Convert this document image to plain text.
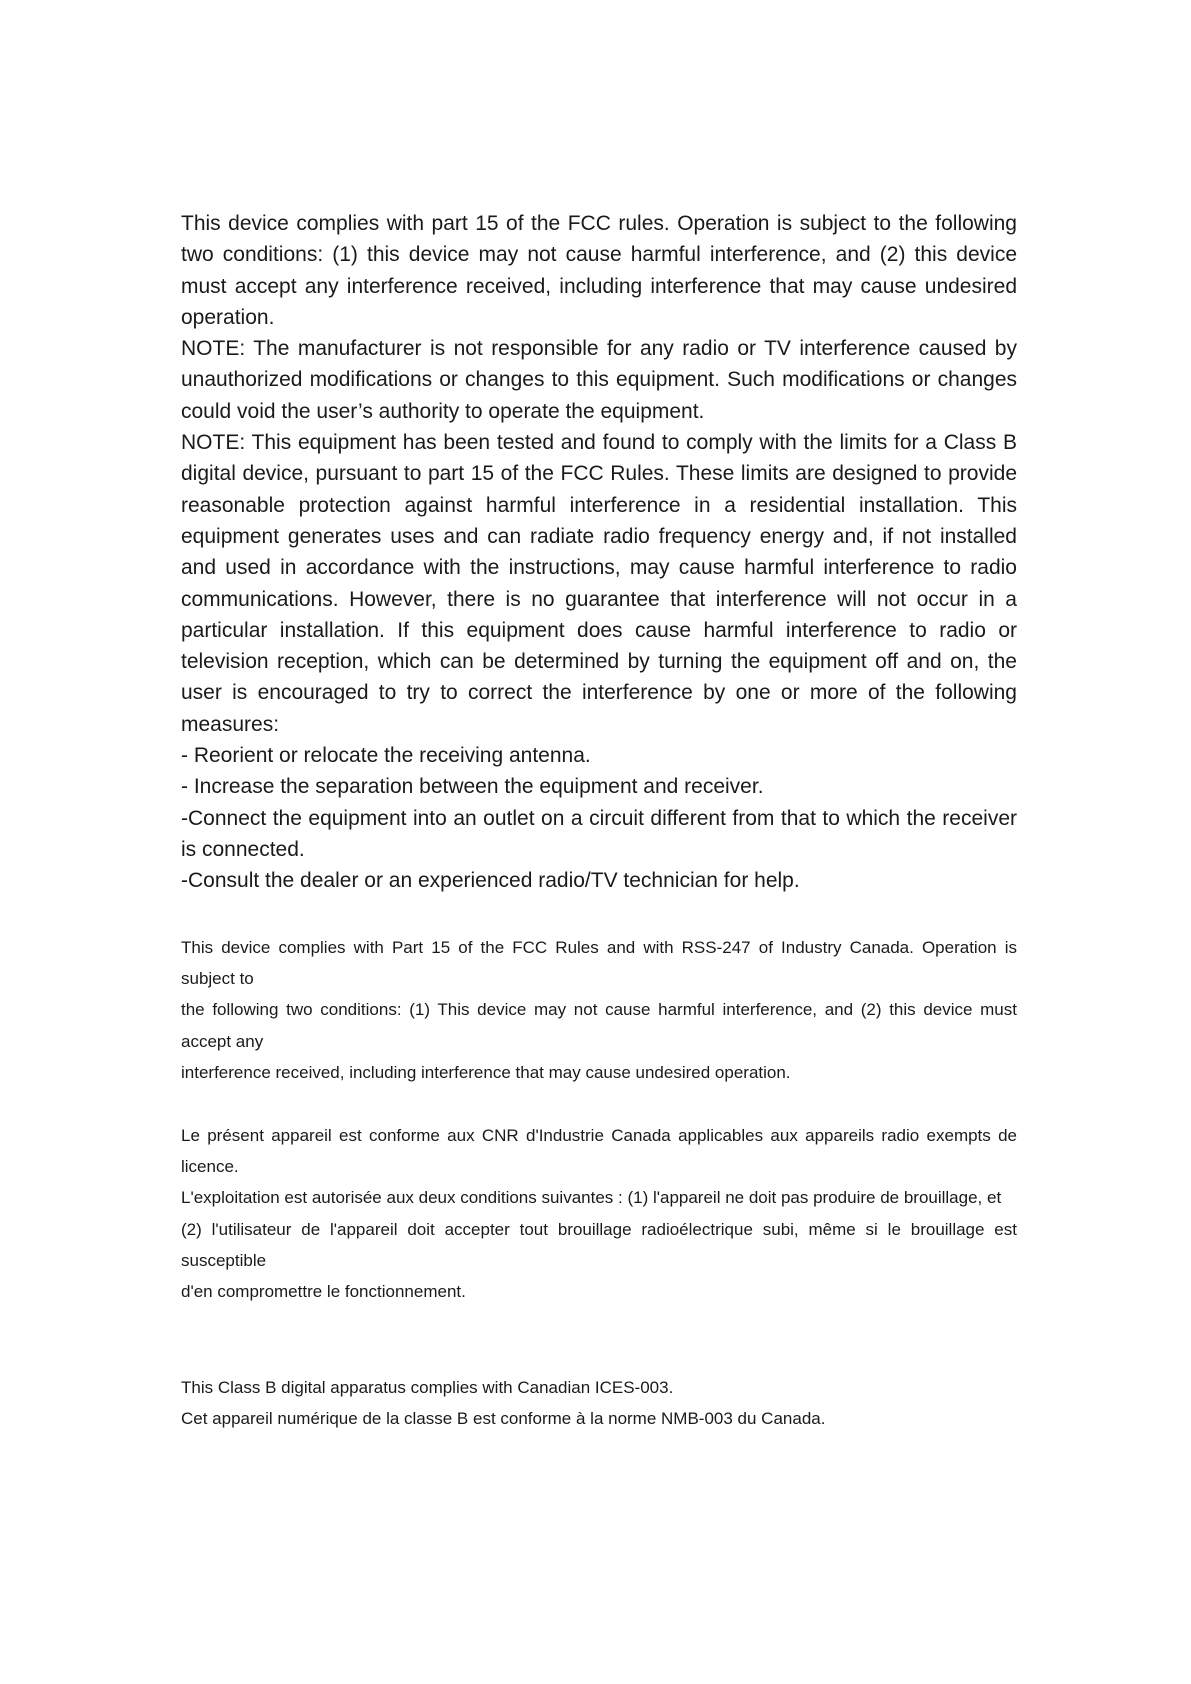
This device complies with part 15 of the FCC rules. Operation is subject to the following two conditions: (1) this device may not cause harmful interference, and (2) this device must accept any interference received, including interference that may cause undesired operation.

NOTE: The manufacturer is not responsible for any radio or TV interference caused by unauthorized modifications or changes to this equipment. Such modifications or changes could void the user’s authority to operate the equipment.

NOTE: This equipment has been tested and found to comply with the limits for a Class B digital device, pursuant to part 15 of the FCC Rules. These limits are designed to provide reasonable protection against harmful interference in a residential installation. This equipment generates uses and can radiate radio frequency energy and, if not installed and used in accordance with the instructions, may cause harmful interference to radio communications. However, there is no guarantee that interference will not occur in a particular installation. If this equipment does cause harmful interference to radio or television reception, which can be determined by turning the equipment off and on, the user is encouraged to try to correct the interference by one or more of the following measures:

- Reorient or relocate the receiving antenna.

- Increase the separation between the equipment and receiver.

-Connect the equipment into an outlet on a circuit different from that to which the receiver is connected.

-Consult the dealer or an experienced radio/TV technician for help.

This device complies with Part 15 of the FCC Rules and with RSS-247 of Industry Canada. Operation is subject to

the following two conditions: (1) This device may not cause harmful interference, and (2) this device must accept any

interference received, including interference that may cause undesired operation.

Le présent appareil est conforme aux CNR d'Industrie Canada applicables aux appareils radio exempts de licence.

L'exploitation est autorisée aux deux conditions suivantes : (1) l'appareil ne doit pas produire de brouillage, et

(2) l'utilisateur de l'appareil doit accepter tout brouillage radioélectrique subi, même si le brouillage est susceptible

d'en compromettre le fonctionnement.

This Class B digital apparatus complies with Canadian ICES-003.

Cet appareil numérique de la classe B est conforme à la norme NMB-003 du Canada.
